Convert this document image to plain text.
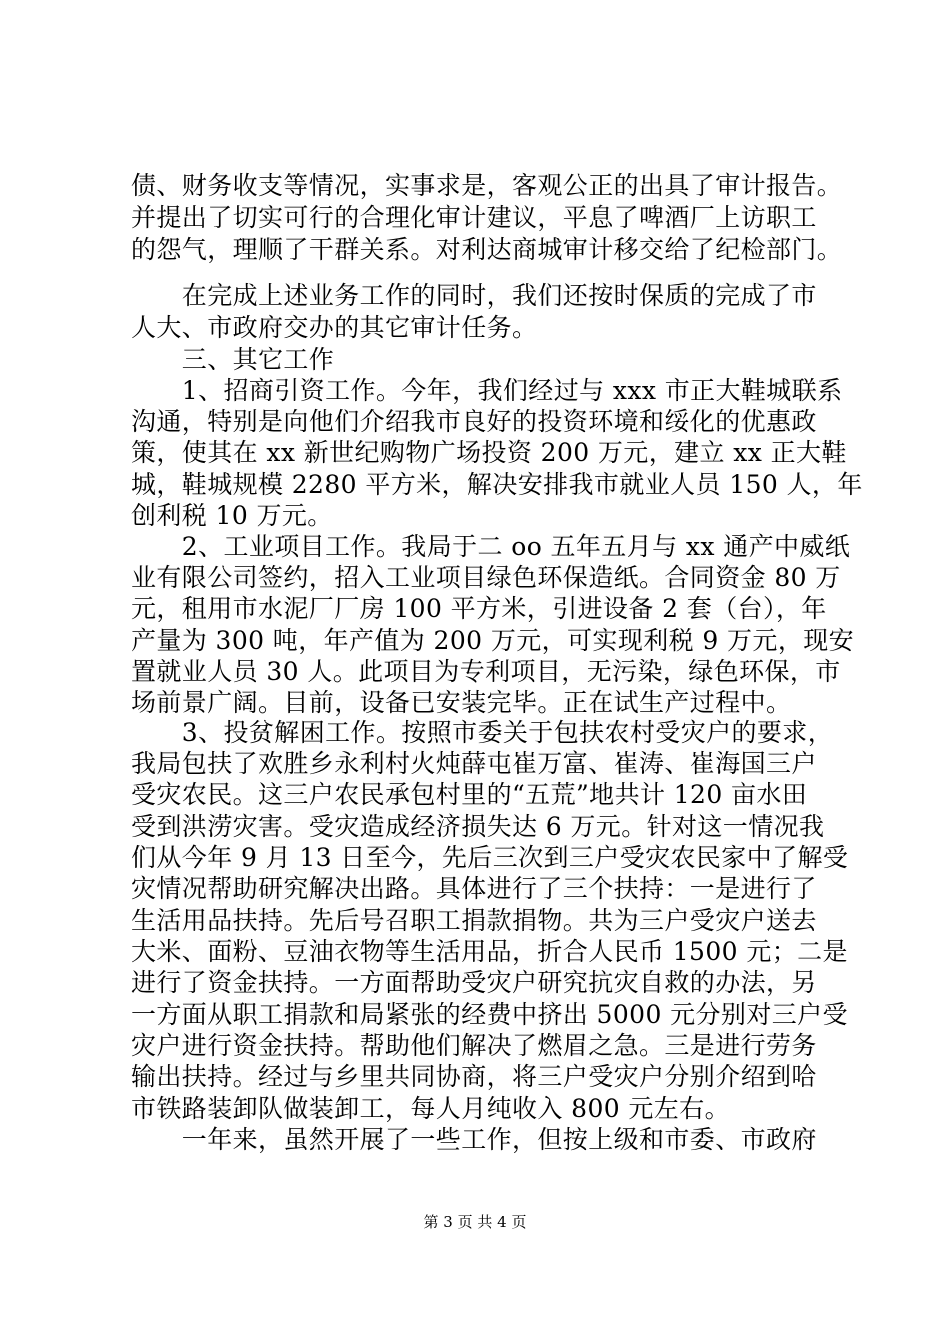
债、财务收支等情况，实事求是，客观公正的出具了审计报告。
并提出了切实可行的合理化审计建议，平息了啤酒厂上访职工
的怨气，理顺了干群关系。对利达商城审计移交给了纪检部门。
　　在完成上述业务工作的同时，我们还按时保质的完成了市
人大、市政府交办的其它审计任务。
　　三、其它工作
　　1、招商引资工作。今年，我们经过与 xxx 市正大鞋城联系
沟通，特别是向他们介绍我市良好的投资环境和绥化的优惠政
策，使其在 xx 新世纪购物广场投资 200 万元，建立 xx 正大鞋
城，鞋城规模 2280 平方米，解决安排我市就业人员 150 人，年
创利税 10 万元。
　　2、工业项目工作。我局于二 oo 五年五月与 xx 通产中威纸
业有限公司签约，招入工业项目绿色环保造纸。合同资金 80 万
元，租用市水泥厂厂房 100 平方米，引进设备 2 套（台），年
产量为 300 吨，年产值为 200 万元，可实现利税 9 万元，现安
置就业人员 30 人。此项目为专利项目，无污染，绿色环保，市
场前景广阔。目前，设备已安装完毕。正在试生产过程中。
　　3、投贫解困工作。按照市委关于包扶农村受灾户的要求，
我局包扶了欢胜乡永利村火炖薛屯崔万富、崔涛、崔海国三户
受灾农民。这三户农民承包村里的“五荒”地共计 120 亩水田
受到洪涝灾害。受灾造成经济损失达 6 万元。针对这一情况我
们从今年 9 月 13 日至今，先后三次到三户受灾农民家中了解受
灾情况帮助研究解决出路。具体进行了三个扶持：一是进行了
生活用品扶持。先后号召职工捐款捐物。共为三户受灾户送去
大米、面粉、豆油衣物等生活用品，折合人民币 1500 元；二是
进行了资金扶持。一方面帮助受灾户研究抗灾自救的办法，另
一方面从职工捐款和局紧张的经费中挤出 5000 元分别对三户受
灾户进行资金扶持。帮助他们解决了燃眉之急。三是进行劳务
输出扶持。经过与乡里共同协商，将三户受灾户分别介绍到哈
市铁路装卸队做装卸工，每人月纯收入 800 元左右。
　　一年来，虽然开展了一些工作，但按上级和市委、市政府
第 3 页 共 4 页
